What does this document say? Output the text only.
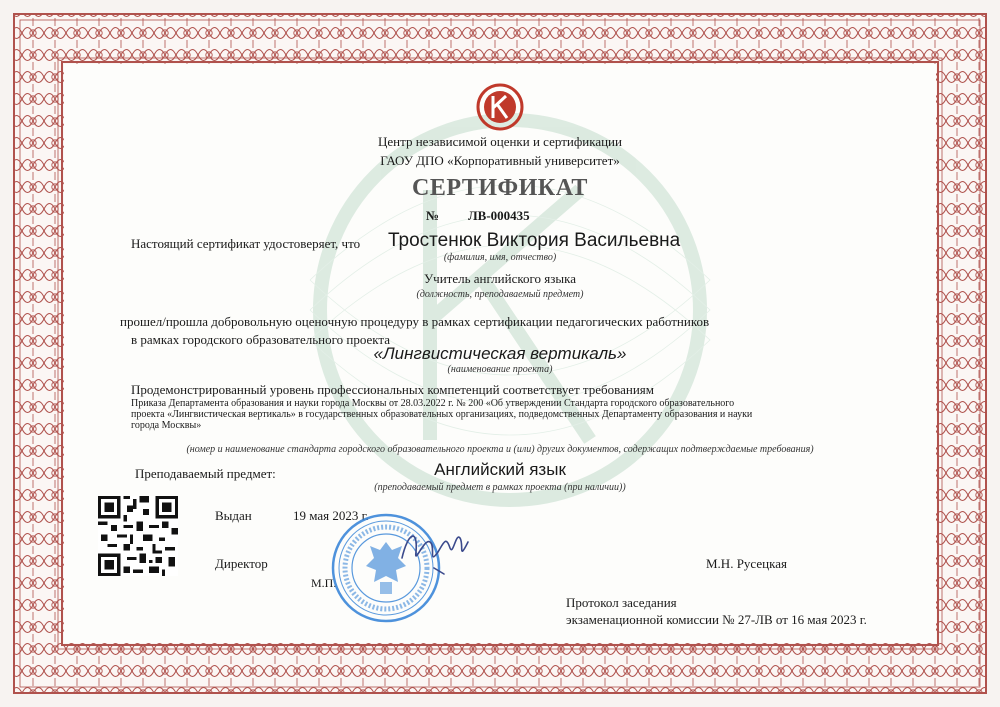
Центр независимой оценки и сертификации
ГАОУ ДПО «Корпоративный университет»
СЕРТИФИКАТ
№ ЛВ-000435
Настоящий сертификат удостоверяет, что Тростенюк Виктория Васильевна
(фамилия, имя, отчество)
Учитель английского языка
(должность, преподаваемый предмет)
прошел/прошла добровольную оценочную процедуру в рамках сертификации педагогических работников
в рамках городского образовательного проекта
«Лингвистическая вертикаль»
(наименование проекта)
Продемонстрированный уровень профессиональных компетенций соответствует требованиям
Приказа Департамента образования и науки города Москвы от 28.03.2022 г. № 200 «Об утверждении Стандарта городского образовательного
проекта «Лингвистическая вертикаль» в государственных образовательных организациях, подведомственных Департаменту образования и науки
города Москвы»
(номер и наименование стандарта городского образовательного проекта и (или) других документов, содержащих подтверждаемые требования)
Преподаваемый предмет:	Английский язык
(преподаваемый предмет в рамках проекта (при наличии))
Выдан	19 мая 2023 г.
Директор
М.П.
М.Н. Русецкая
Протокол заседания
экзаменационной комиссии № 27-ЛВ от 16 мая 2023 г.
